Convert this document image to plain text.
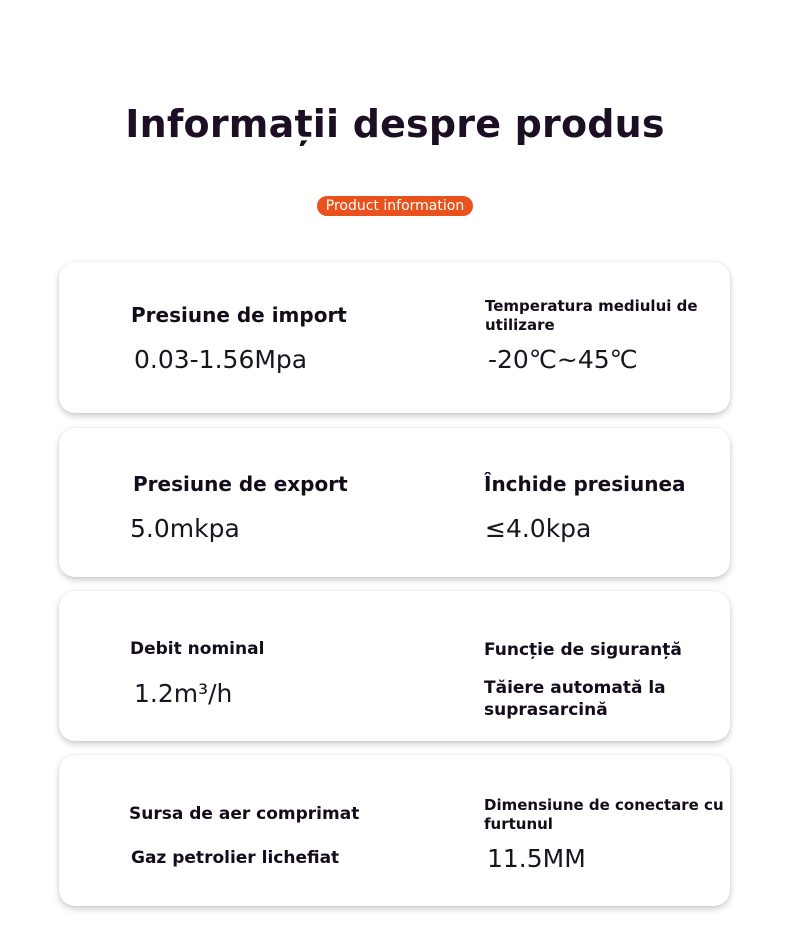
Informații despre produs
Product information
Presiune de import
0.03-1.56Mpa
Temperatura mediului de utilizare
-20℃~45℃
Presiune de export
5.0mkpa
Închide presiunea
≤4.0kpa
Debit nominal
1.2m³/h
Funcție de siguranță
Tăiere automată la suprasarcină
Sursa de aer comprimat
Gaz petrolier lichefiat
Dimensiune de conectare cu furtunul
11.5MM
